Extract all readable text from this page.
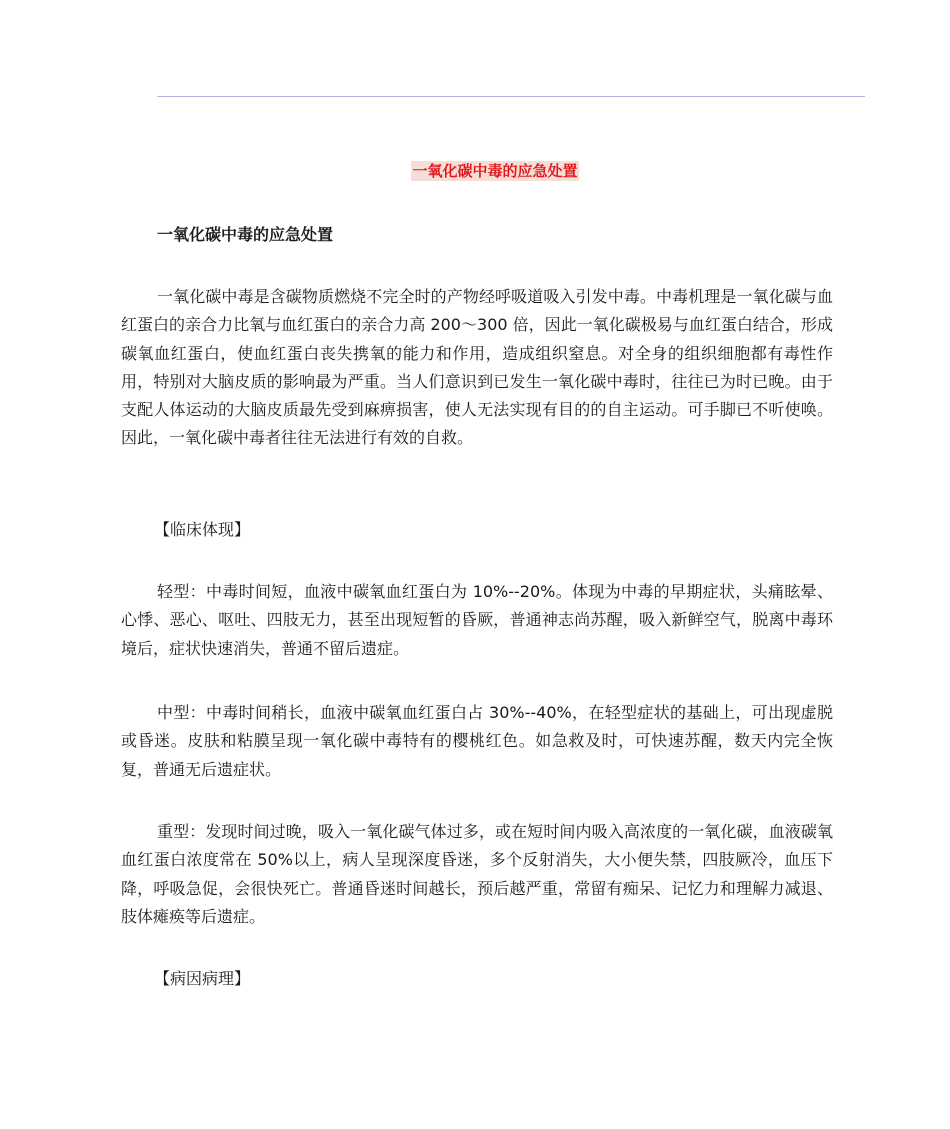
一氧化碳中毒的应急处置
一氧化碳中毒的应急处置

一氧化碳中毒是含碳物质燃烧不完全时的产物经呼吸道吸入引发中毒。中毒机理是一氧化碳与血红蛋白的亲合力比氧与血红蛋白的亲合力高 200～300 倍，因此一氧化碳极易与血红蛋白结合，形成碳氧血红蛋白，使血红蛋白丧失携氧的能力和作用，造成组织窒息。对全身的组织细胞都有毒性作用，特别对大脑皮质的影响最为严重。当人们意识到已发生一氧化碳中毒时，往往已为时已晚。由于支配人体运动的大脑皮质最先受到麻痹损害，使人无法实现有目的的自主运动。可手脚已不听使唤。因此，一氧化碳中毒者往往无法进行有效的自救。

【临床体现】

轻型：中毒时间短，血液中碳氧血红蛋白为 10%--20%。体现为中毒的早期症状，头痛眩晕、心悸、恶心、呕吐、四肢无力，甚至出现短暂的昏厥，普通神志尚苏醒，吸入新鲜空气，脱离中毒环境后，症状快速消失，普通不留后遗症。

中型：中毒时间稍长，血液中碳氧血红蛋白占 30%--40%，在轻型症状的基础上，可出现虚脱或昏迷。皮肤和粘膜呈现一氧化碳中毒特有的樱桃红色。如急救及时，可快速苏醒，数天内完全恢复，普通无后遗症状。

重型：发现时间过晚，吸入一氧化碳气体过多，或在短时间内吸入高浓度的一氧化碳，血液碳氧血红蛋白浓度常在 50%以上，病人呈现深度昏迷，多个反射消失，大小便失禁，四肢厥冷，血压下降，呼吸急促，会很快死亡。普通昏迷时间越长，预后越严重，常留有痴呆、记忆力和理解力减退、肢体瘫痪等后遗症。

【病因病理】
